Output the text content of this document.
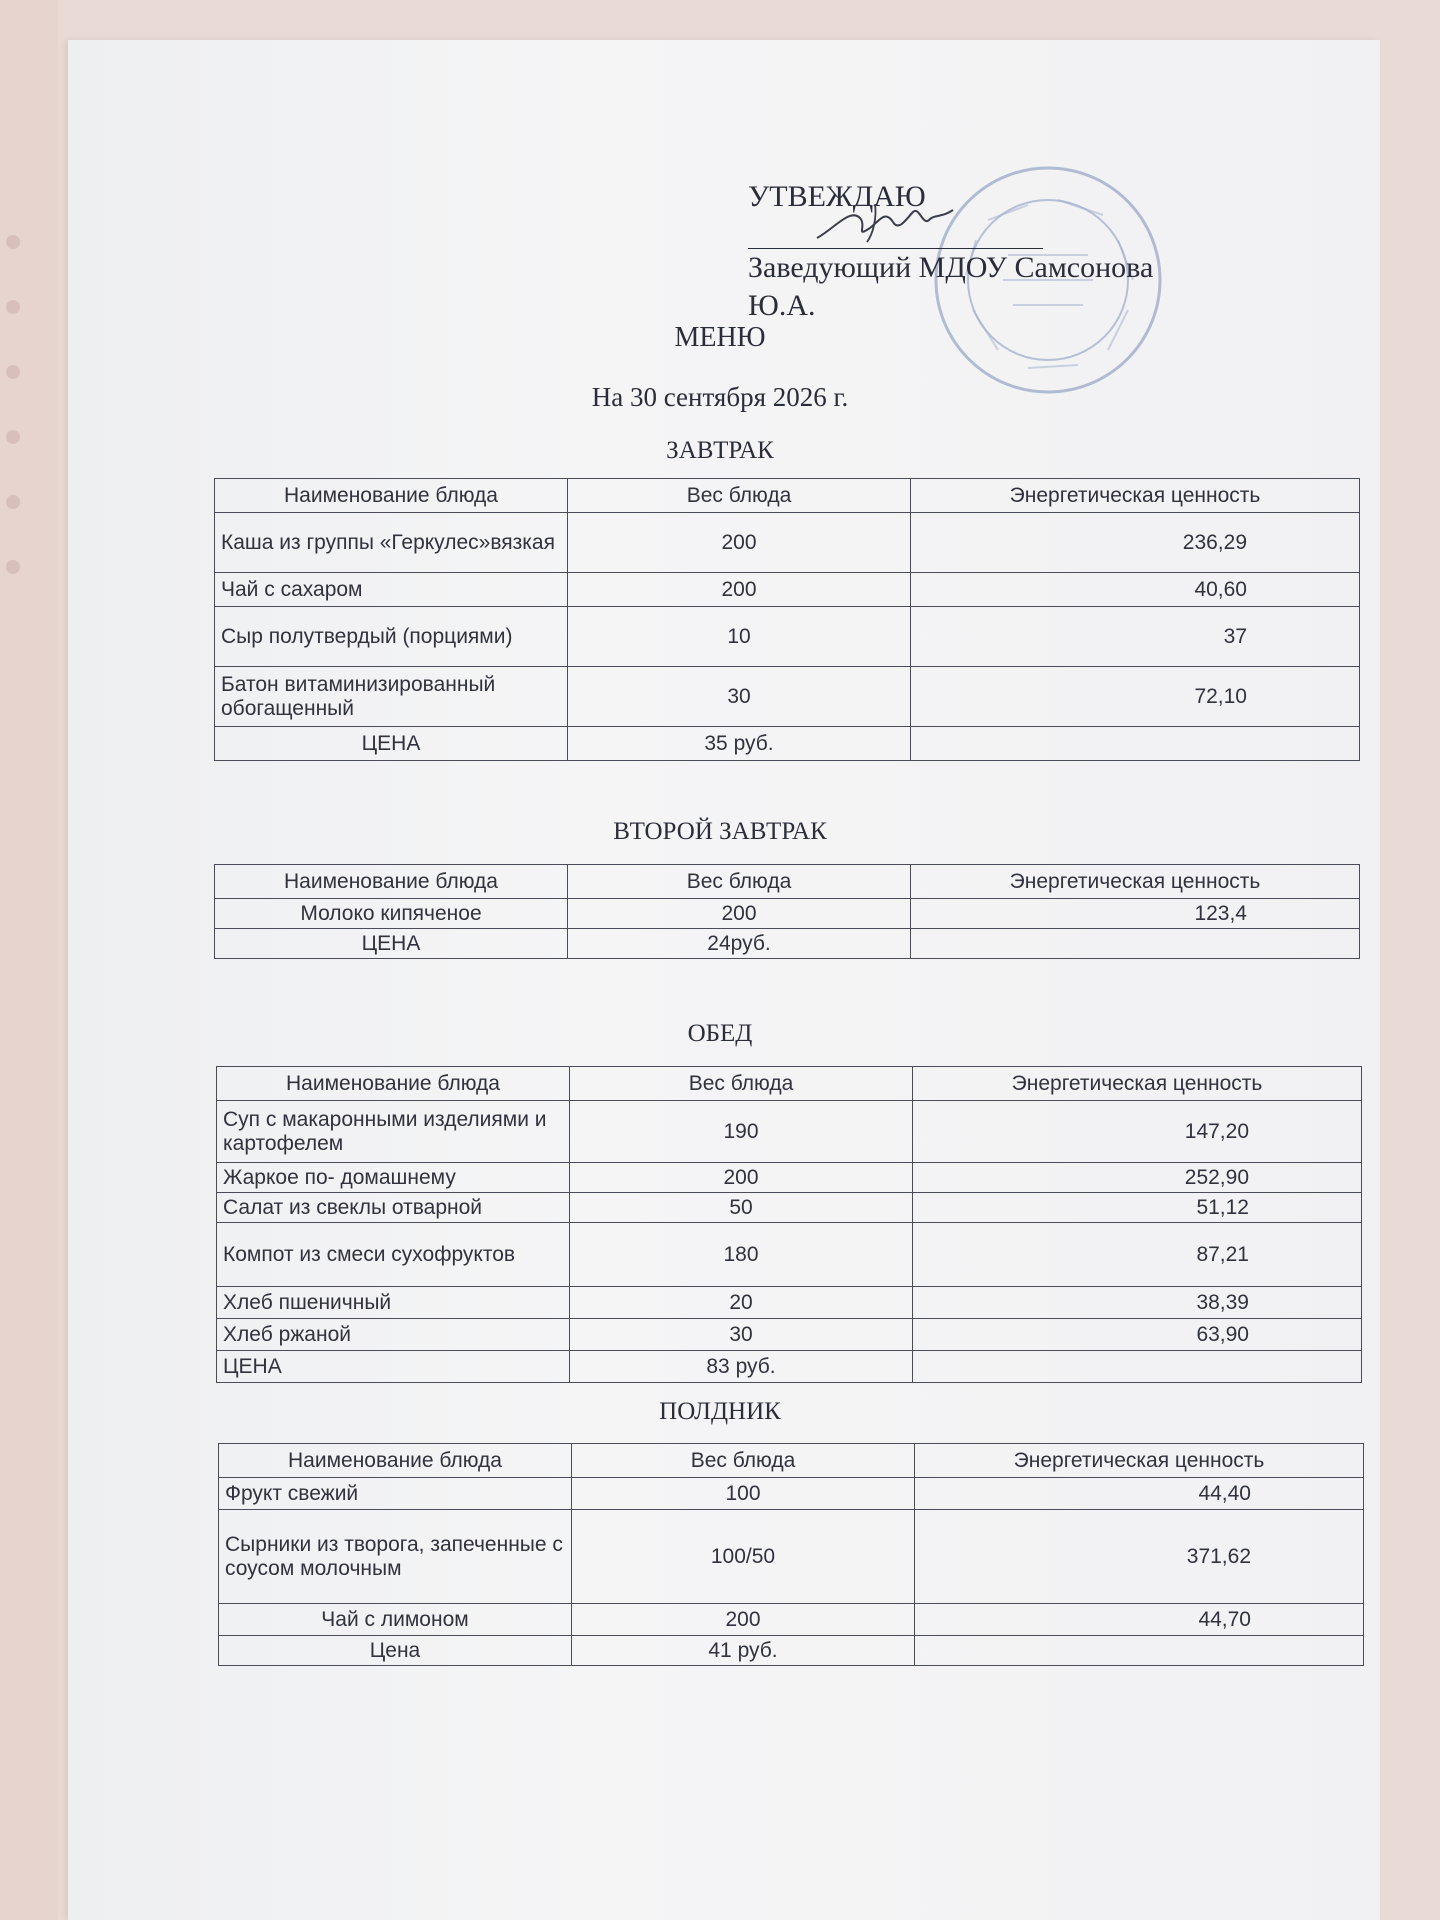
УТВЕЖДАЮ
Заведующий МДОУ Самсонова
Ю.А.
МЕНЮ
На 30 сентября 2026 г.
ЗАВТРАК
Наименование блюда	Вес блюда	Энергетическая ценность
Каша из группы «Геркулес»вязкая	200	236,29
Чай с сахаром	200	40,60
Сыр полутвердый (порциями)	10	37
Батон витаминизированный обогащенный	30	72,10
ЦЕНА	35 руб.	
ВТОРОЙ ЗАВТРАК
Наименование блюда	Вес блюда	Энергетическая ценность
Молоко кипяченое	200	123,4
ЦЕНА	24руб.	
ОБЕД
Наименование блюда	Вес блюда	Энергетическая ценность
Суп с макаронными изделиями и картофелем	190	147,20
Жаркое по- домашнему	200	252,90
Салат из свеклы отварной	50	51,12
Компот из смеси сухофруктов	180	87,21
Хлеб пшеничный	20	38,39
Хлеб ржаной	30	63,90
ЦЕНА	83 руб.	
ПОЛДНИК
Наименование блюда	Вес блюда	Энергетическая ценность
Фрукт свежий	100	44,40
Сырники из творога, запеченные с соусом молочным	100/50	371,62
Чай с лимоном	200	44,70
Цена	41 руб.	
